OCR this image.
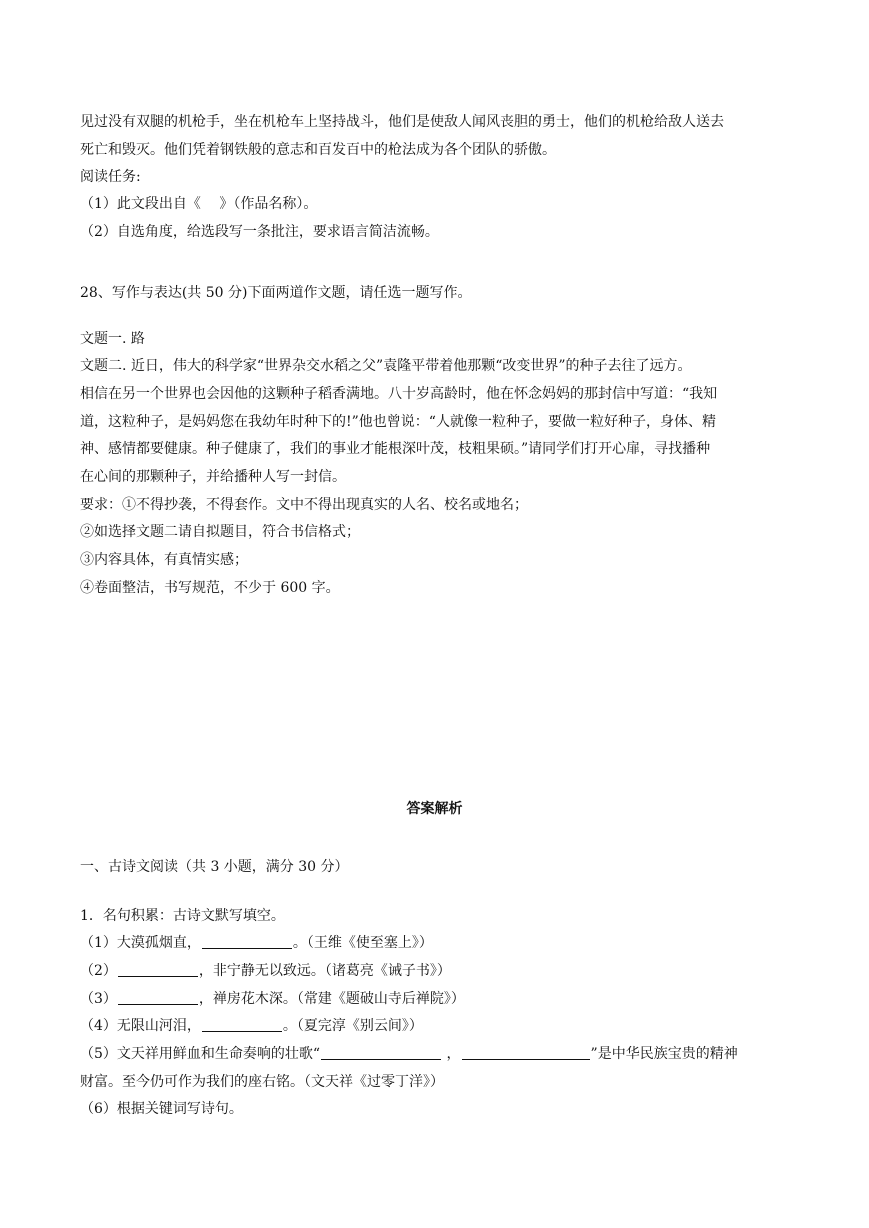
见过没有双腿的机枪手，坐在机枪车上坚持战斗，他们是使敌人闻风丧胆的勇士，他们的机枪给敌人送去
死亡和毁灭。他们凭着钢铁般的意志和百发百中的枪法成为各个团队的骄傲。
阅读任务:
（1）此文段出自《　 》（作品名称）。
（2）自选角度，给选段写一条批注，要求语言简洁流畅。
28、写作与表达(共 50 分)下面两道作文题，请任选一题写作。
文题一. 路
文题二. 近日，伟大的科学家“世界杂交水稻之父”袁隆平带着他那颗“改变世界”的种子去往了远方。
相信在另一个世界也会因他的这颗种子稻香满地。八十岁高龄时，他在怀念妈妈的那封信中写道：“我知
道，这粒种子，是妈妈您在我幼年时种下的!”他也曾说：“人就像一粒种子，要做一粒好种子，身体、精
神、感情都要健康。种子健康了，我们的事业才能根深叶茂，枝粗果硕。”请同学们打开心扉，寻找播种
在心间的那颗种子，并给播种人写一封信。
要求：①不得抄袭，不得套作。文中不得出现真实的人名、校名或地名；
②如选择文题二请自拟题目，符合书信格式；
③内容具体，有真情实感；
④卷面整洁，书写规范，不少于 600 字。
答案解析
一、古诗文阅读（共 3 小题，满分 30 分）
1．名句积累：古诗文默写填空。
（1）大漠孤烟直，	。（王维《使至塞上》）
（2）	，非宁静无以致远。（诸葛亮《诫子书》）
（3）	，禅房花木深。（常建《题破山寺后禅院》）
（4）无限山河泪，	。（夏完淳《别云间》）
（5）文天祥用鲜血和生命奏响的壮歌“	，	”是中华民族宝贵的精神
财富。至今仍可作为我们的座右铭。（文天祥《过零丁洋》）
（6）根据关键词写诗句。
